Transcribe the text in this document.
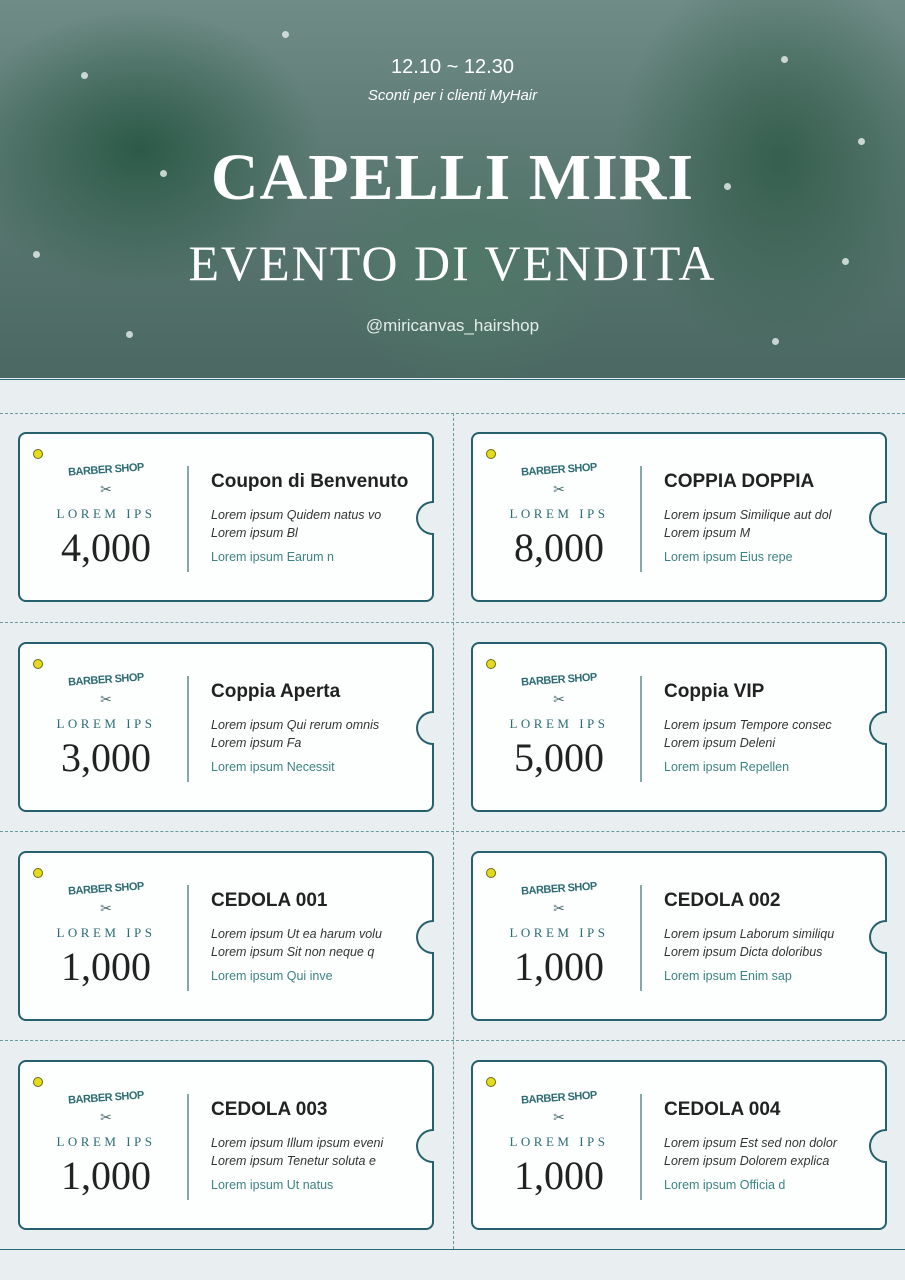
12.10 ~ 12.30
Sconti per i clienti MyHair
CAPELLI MIRI
EVENTO DI VENDITA
@miricanvas_hairshop
BARBER SHOP
✂
LOREM IPS
4,000
Coupon di Benvenuto
Lorem ipsum Quidem natus vo
Lorem ipsum Bl
Lorem ipsum Earum n
BARBER SHOP
✂
LOREM IPS
8,000
COPPIA DOPPIA
Lorem ipsum Similique aut dol
Lorem ipsum M
Lorem ipsum Eius repe
BARBER SHOP
✂
LOREM IPS
3,000
Coppia Aperta
Lorem ipsum Qui rerum omnis
Lorem ipsum Fa
Lorem ipsum Necessit
BARBER SHOP
✂
LOREM IPS
5,000
Coppia VIP
Lorem ipsum Tempore consec
Lorem ipsum Deleni
Lorem ipsum Repellen
BARBER SHOP
✂
LOREM IPS
1,000
CEDOLA 001
Lorem ipsum Ut ea harum volu
Lorem ipsum Sit non neque q
Lorem ipsum Qui inve
BARBER SHOP
✂
LOREM IPS
1,000
CEDOLA 002
Lorem ipsum Laborum similiqu
Lorem ipsum Dicta doloribus
Lorem ipsum Enim sap
BARBER SHOP
✂
LOREM IPS
1,000
CEDOLA 003
Lorem ipsum Illum ipsum eveni
Lorem ipsum Tenetur soluta e
Lorem ipsum Ut natus
BARBER SHOP
✂
LOREM IPS
1,000
CEDOLA 004
Lorem ipsum Est sed non dolor
Lorem ipsum Dolorem explica
Lorem ipsum Officia d
